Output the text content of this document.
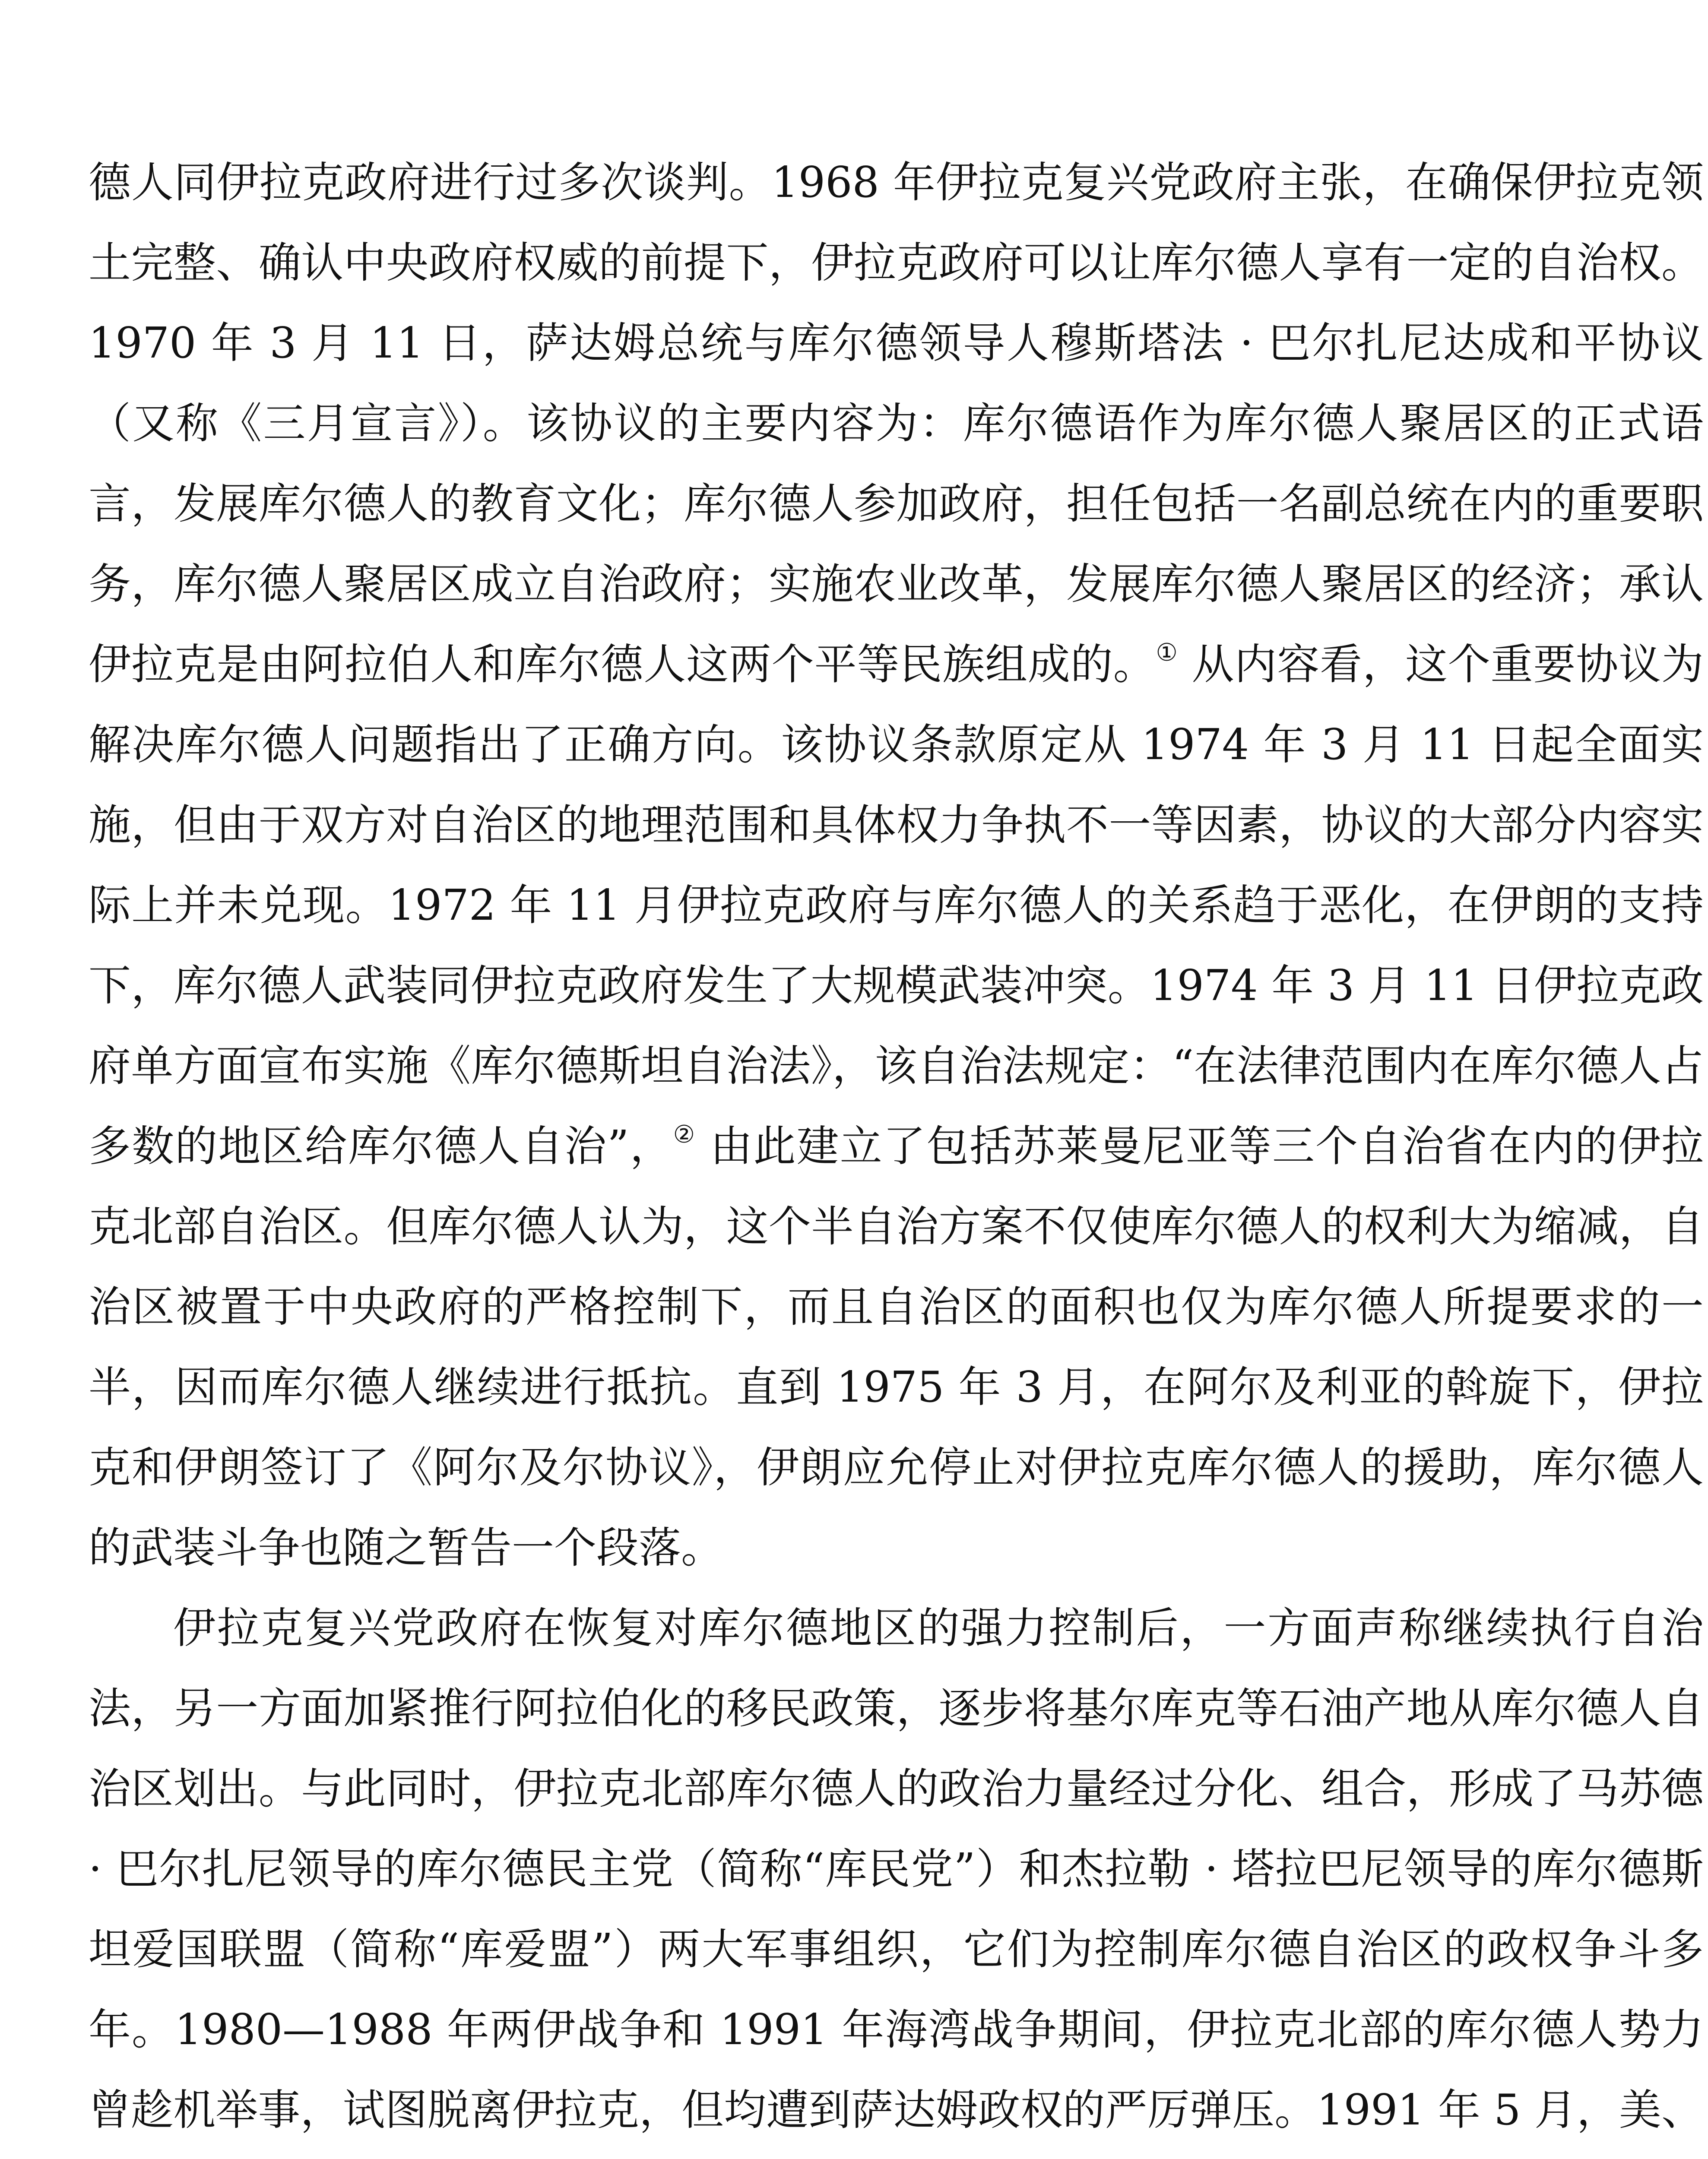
德人同伊拉克政府进行过多次谈判。1968 年伊拉克复兴党政府主张，在确保伊拉克领土完整、确认中央政府权威的前提下，伊拉克政府可以让库尔德人享有一定的自治权。1970 年 3 月 11 日，萨达姆总统与库尔德领导人穆斯塔法 · 巴尔扎尼达成和平协议（又称《三月宣言》）。该协议的主要内容为：库尔德语作为库尔德人聚居区的正式语言，发展库尔德人的教育文化；库尔德人参加政府，担任包括一名副总统在内的重要职务，库尔德人聚居区成立自治政府；实施农业改革，发展库尔德人聚居区的经济；承认伊拉克是由阿拉伯人和库尔德人这两个平等民族组成的。① 从内容看，这个重要协议为解决库尔德人问题指出了正确方向。该协议条款原定从 1974 年 3 月 11 日起全面实施，但由于双方对自治区的地理范围和具体权力争执不一等因素，协议的大部分内容实际上并未兑现。1972 年 11 月伊拉克政府与库尔德人的关系趋于恶化，在伊朗的支持下，库尔德人武装同伊拉克政府发生了大规模武装冲突。1974 年 3 月 11 日伊拉克政府单方面宣布实施《库尔德斯坦自治法》，该自治法规定：“在法律范围内在库尔德人占多数的地区给库尔德人自治”，② 由此建立了包括苏莱曼尼亚等三个自治省在内的伊拉克北部自治区。但库尔德人认为，这个半自治方案不仅使库尔德人的权利大为缩减，自治区被置于中央政府的严格控制下，而且自治区的面积也仅为库尔德人所提要求的一半，因而库尔德人继续进行抵抗。直到 1975 年 3 月，在阿尔及利亚的斡旋下，伊拉克和伊朗签订了《阿尔及尔协议》，伊朗应允停止对伊拉克库尔德人的援助，库尔德人的武装斗争也随之暂告一个段落。

伊拉克复兴党政府在恢复对库尔德地区的强力控制后，一方面声称继续执行自治法，另一方面加紧推行阿拉伯化的移民政策，逐步将基尔库克等石油产地从库尔德人自治区划出。与此同时，伊拉克北部库尔德人的政治力量经过分化、组合，形成了马苏德 · 巴尔扎尼领导的库尔德民主党（简称“库民党”）和杰拉勒 · 塔拉巴尼领导的库尔德斯坦爱国联盟（简称“库爱盟”）两大军事组织，它们为控制库尔德自治区的政权争斗多年。1980—1988 年两伊战争和 1991 年海湾战争期间，伊拉克北部的库尔德人势力曾趁机举事，试图脱离伊拉克，但均遭到萨达姆政权的严厉弹压。1991 年 5 月，美、
